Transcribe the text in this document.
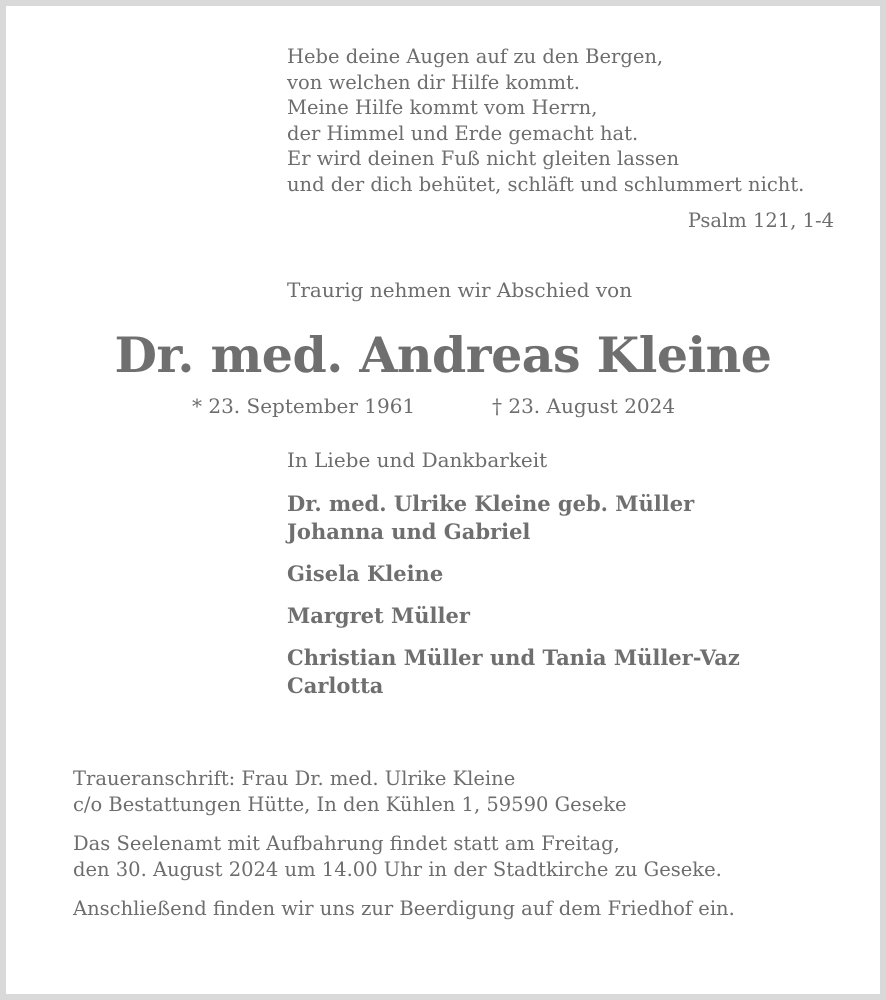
Hebe deine Augen auf zu den Bergen,
von welchen dir Hilfe kommt.
Meine Hilfe kommt vom Herrn,
der Himmel und Erde gemacht hat.
Er wird deinen Fuß nicht gleiten lassen
und der dich behütet, schläft und schlummert nicht.
Psalm 121, 1-4
Traurig nehmen wir Abschied von
Dr. med. Andreas Kleine
* 23. September 1961	† 23. August 2024
In Liebe und Dankbarkeit
Dr. med. Ulrike Kleine geb. Müller
Johanna und Gabriel
Gisela Kleine
Margret Müller
Christian Müller und Tania Müller-Vaz
Carlotta
Traueranschrift: Frau Dr. med. Ulrike Kleine
c/o Bestattungen Hütte, In den Kühlen 1, 59590 Geseke
Das Seelenamt mit Aufbahrung findet statt am Freitag,
den 30. August 2024 um 14.00 Uhr in der Stadtkirche zu Geseke.
Anschließend finden wir uns zur Beerdigung auf dem Friedhof ein.
